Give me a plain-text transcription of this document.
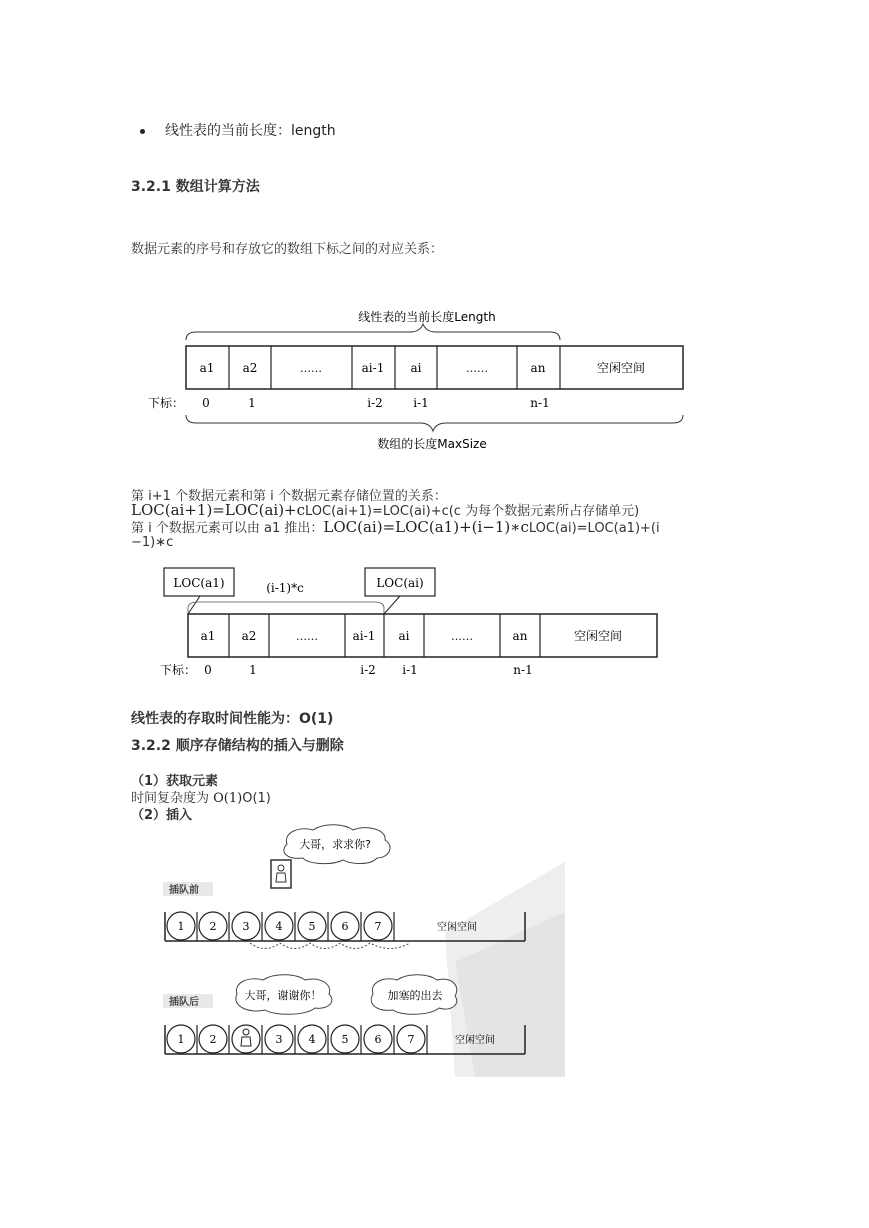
线性表的当前长度：length
3.2.1 数组计算方法
数据元素的序号和存放它的数组下标之间的对应关系：
线性表的当前长度Length
a1 a2	……	ai-1 ai	……	an	空闲空间
下标： 0	1	i-2	i-1	n-1
数组的长度MaxSize
第 i+1 个数据元素和第 i 个数据元素存储位置的关系：
LOC(ai+1)=LOC(ai)+cLOC(ai+1)=LOC(ai)+c(c 为每个数据元素所占存储单元)
第 i 个数据元素可以由 a1 推出：LOC(ai)=LOC(a1)+(i−1)∗cLOC(ai)=LOC(a1)+(i
−1)∗c
LOC(a1)	(i-1)*c	LOC(ai)
a1 a2	……	ai-1 ai	……	an	空闲空间
下标： 0	1	i-2 i-1	n-1
线性表的存取时间性能为：O(1)
3.2.2 顺序存储结构的插入与删除
（1）获取元素
时间复杂度为 O(1)O(1)
（2）插入
大哥，求求你?
插队前
1 2 3 4 5 6 7	空闲空间
大哥，谢谢你！	加塞的出去
插队后
1 2	3 4 5 6 7	空闲空间
